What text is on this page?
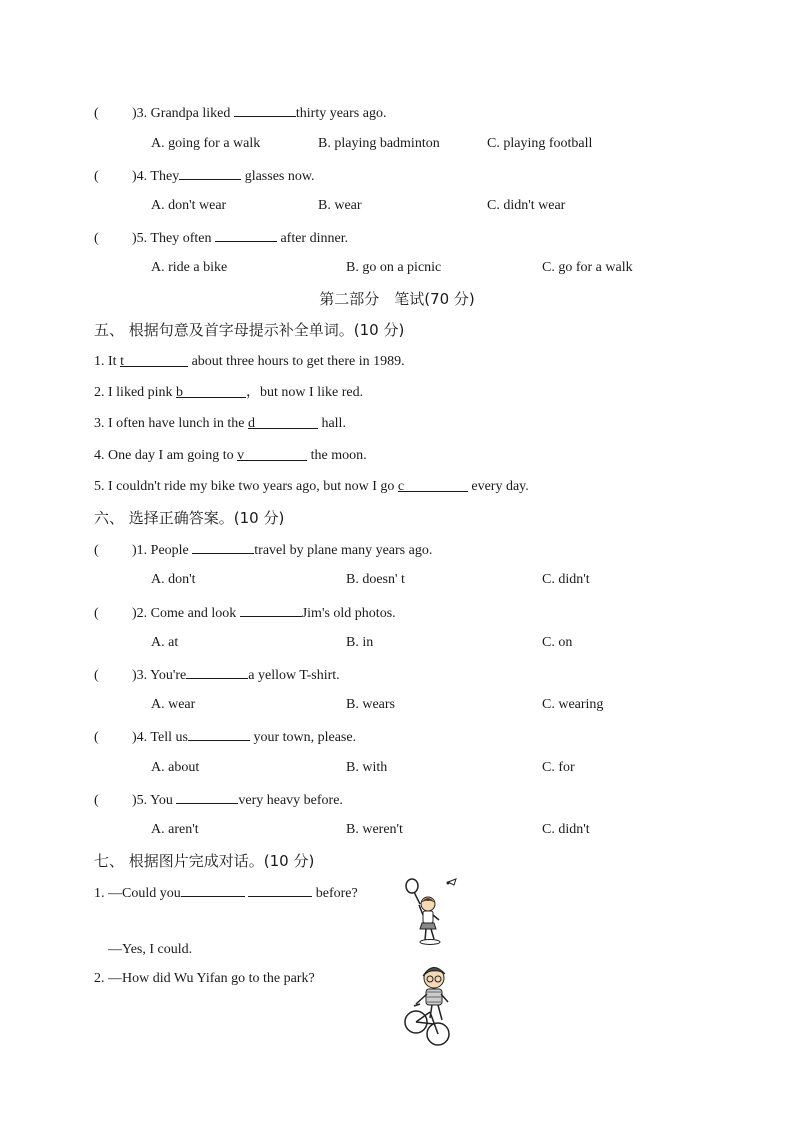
( )3. Grandpa liked	thirty years ago.
A. going for a walk	B. playing badminton	C. playing football
( )4. They	glasses now.
A. don't wear	B. wear	C. didn't wear
( )5. They often	after dinner.
A. ride a bike	B. go on a picnic	C. go for a walk
第二部分　笔试(70 分)
五、 根据句意及首字母提示补全单词。(10 分)
1. It t	about three hours to get there in 1989.
2. I liked pink b	，but now I like red.
3. I often have lunch in the d	hall.
4. One day I am going to v	the moon.
5. I couldn't ride my bike two years ago, but now I go c	every day.
六、 选择正确答案。(10 分)
( )1. People	travel by plane many years ago.
A. don't	B. doesn' t	C. didn't
( )2. Come and look	Jim's old photos.
A. at	B. in	C. on
( )3. You're	a yellow T-shirt.
A. wear	B. wears	C. wearing
( )4. Tell us	your town, please.
A. about	B. with	C. for
( )5. You	very heavy before.
A. aren't	B. weren't	C. didn't
七、 根据图片完成对话。(10 分)
1. —Could you	before?
—Yes, I could.
2. —How did Wu Yifan go to the park?
